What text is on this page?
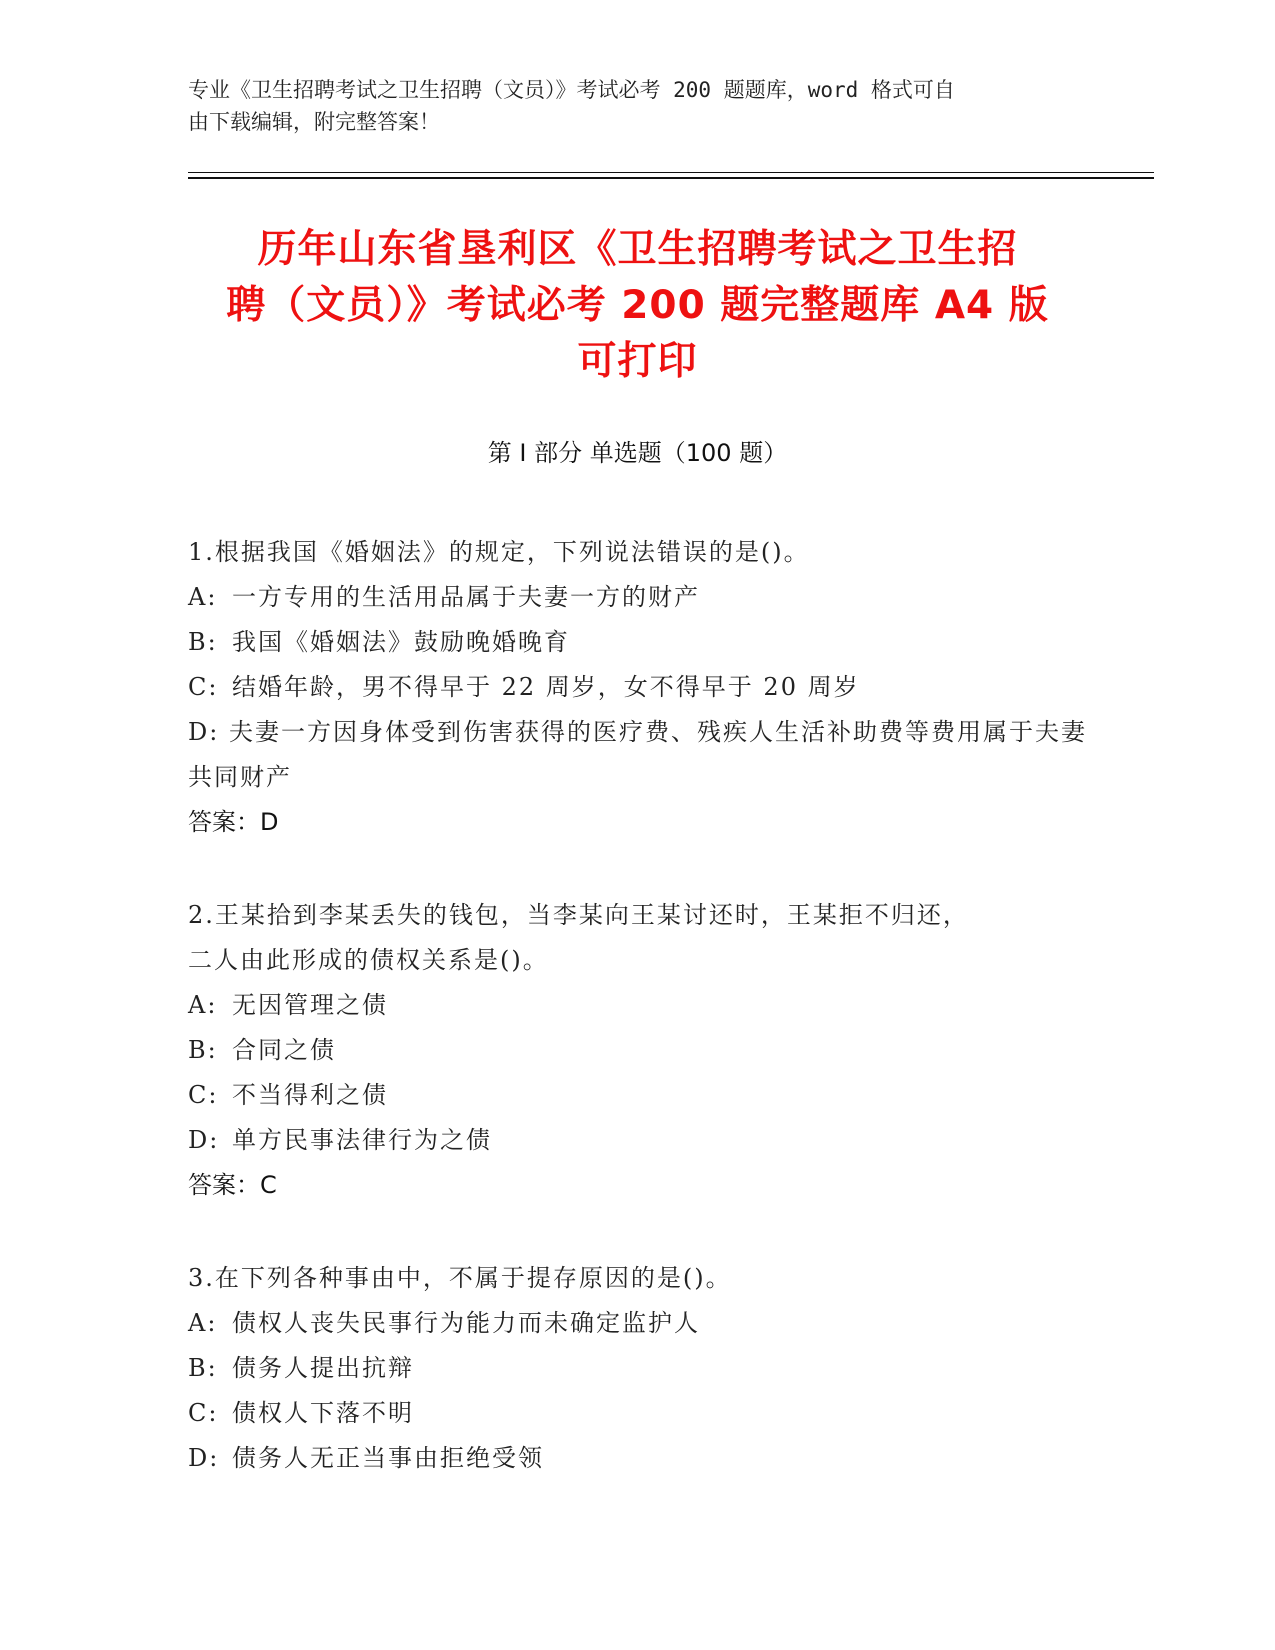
专业《卫生招聘考试之卫生招聘（文员）》考试必考 200 题题库，word 格式可自
由下载编辑，附完整答案！
历年山东省垦利区《卫生招聘考试之卫生招
聘（文员）》考试必考 200 题完整题库 A4 版
可打印
第 I 部分 单选题（100 题）
1.根据我国《婚姻法》的规定，下列说法错误的是()。
A: 一方专用的生活用品属于夫妻一方的财产
B: 我国《婚姻法》鼓励晚婚晚育
C: 结婚年龄，男不得早于 22 周岁，女不得早于 20 周岁
D: 夫妻一方因身体受到伤害获得的医疗费、残疾人生活补助费等费用属于夫妻共同财产
答案：D
2.王某拾到李某丢失的钱包，当李某向王某讨还时，王某拒不归还，
二人由此形成的债权关系是()。
A: 无因管理之债
B: 合同之债
C: 不当得利之债
D: 单方民事法律行为之债
答案：C
3.在下列各种事由中，不属于提存原因的是()。
A: 债权人丧失民事行为能力而未确定监护人
B: 债务人提出抗辩
C: 债权人下落不明
D: 债务人无正当事由拒绝受领
